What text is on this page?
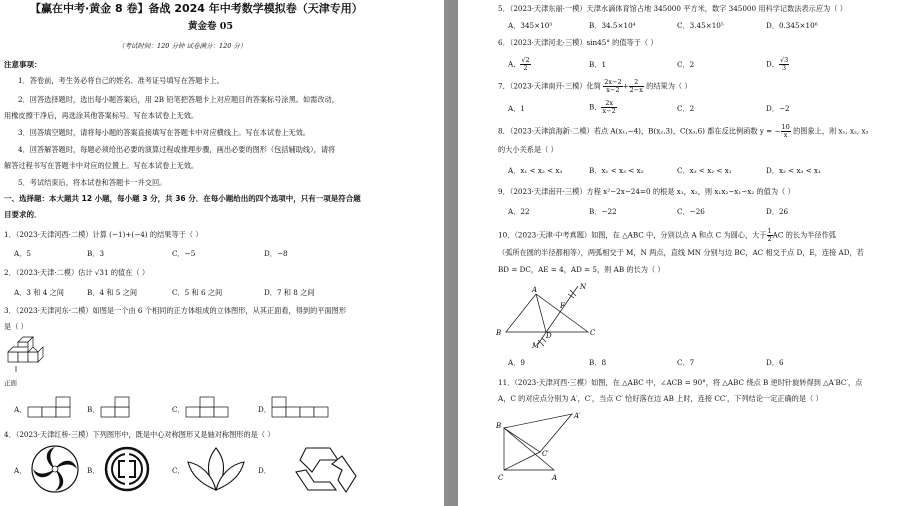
【赢在中考·黄金 8 卷】备战 2024 年中考数学模拟卷（天津专用）
黄金卷 05
（考试时间：120 分钟 试卷满分：120 分）
注意事项：
1．答卷前，考生务必将自己的姓名、准考证号填写在答题卡上。
2．回答选择题时，选出每小题答案后，用 2B 铅笔把答题卡上对应题目的答案标号涂黑。如需改动，
用橡皮擦干净后，再选涂其他答案标号。写在本试卷上无效。
3．回答填空题时，请将每小题的答案直接填写在答题卡中对应横线上。写在本试卷上无效。
4．回答解答题时，每题必须给出必要的演算过程或推理步骤，画出必要的图形（包括辅助线），请将
解答过程书写在答题卡中对应的位置上。写在本试卷上无效。
5．考试结束后，将本试卷和答题卡一并交回。
一、选择题：本大题共 12 小题，每小题 3 分，共 36 分．在每小题给出的四个选项中，只有一项是符合题
目要求的．
1．（2023·天津河西·二模）计算 (−1)+(−4) 的结果等于（ ）
A．5	B．3	C．−5	D．−8
2．（2023·天津·二模）估计 √31 的值在（ ）
A．3 和 4 之间	B．4 和 5 之间	C．5 和 6 之间	D．7 和 8 之间
3．（2023·天津河东·二模）如图是一个由 6 个相同的正方体组成的立体图形，从其正面看，得到的平面图形
是（ ）
正面
A．	B．	C．	D．
4．（2023·天津红桥·三模）下列图形中，既是中心对称图形又是轴对称图形的是（ ）
A．	B．	C．	D．
5．（2023·天津东丽·一模）天津水滴体育馆占地 345000 平方米，数字 345000 用科学记数法表示应为（ ）
A．345×10³	B．34.5×10⁴	C．3.45×10⁵	D．0.345×10⁶
6．（2023·天津河北·三模）sin45° 的值等于（ ）
A． $\frac{√2}{2}$	B．1	C．2	D． $\frac{√3}{3}$
7．（2023·天津南开·三模）化简 $\frac{2x-2}{x-2} + \frac{2}{2-x}$ 的结果为（ ）
A．1	B． $\frac{2x}{x-2}$	C．2	D．−2
8．（2023·天津滨海新·二模）若点 A(x₁,−4)，B(x₂,3)，C(x₃,6) 都在反比例函数 y = − $\frac{10}{x}$ 的图象上，则 x₁, x₂, x₃
的大小关系是（ ）
A．x₁ < x₂ < x₃	B．x₁ < x₃ < x₂	C．x₃ < x₂ < x₁	D．x₂ < x₃ < x₁
9．（2023·天津南开·三模）方程 x²−2x−24=0 的根是 x₁，x₂，则 x₁x₂−x₁−x₂ 的值为（ ）
A．22	B．−22	C．−26	D．26
10．（2023·天津·中考真题）如图，在 △ABC 中，分别以点 A 和点 C 为圆心，大于 $\frac{1}{2}$ AC 的长为半径作弧
（弧所在圆的半径都相等），两弧相交于 M，N 两点，直线 MN 分别与边 BC，AC 相交于点 D，E，连接 AD，若
BD = DC，AE = 4，AD = 5，则 AB 的长为（ ）
A	N
F
B	D	C
M
A．9	B．8	C．7	D．6
11．（2023·天津河西·三模）如图，在 △ABC 中，∠ACB = 90°，将 △ABC 绕点 B 逆时针旋转得到 △A′BC′，点
A，C 的对应点分别为 A′，C′，当点 C′ 恰好落在边 AB 上时，连接 CC′，下列结论一定正确的是（ ）
A′
B
C′
C	A
